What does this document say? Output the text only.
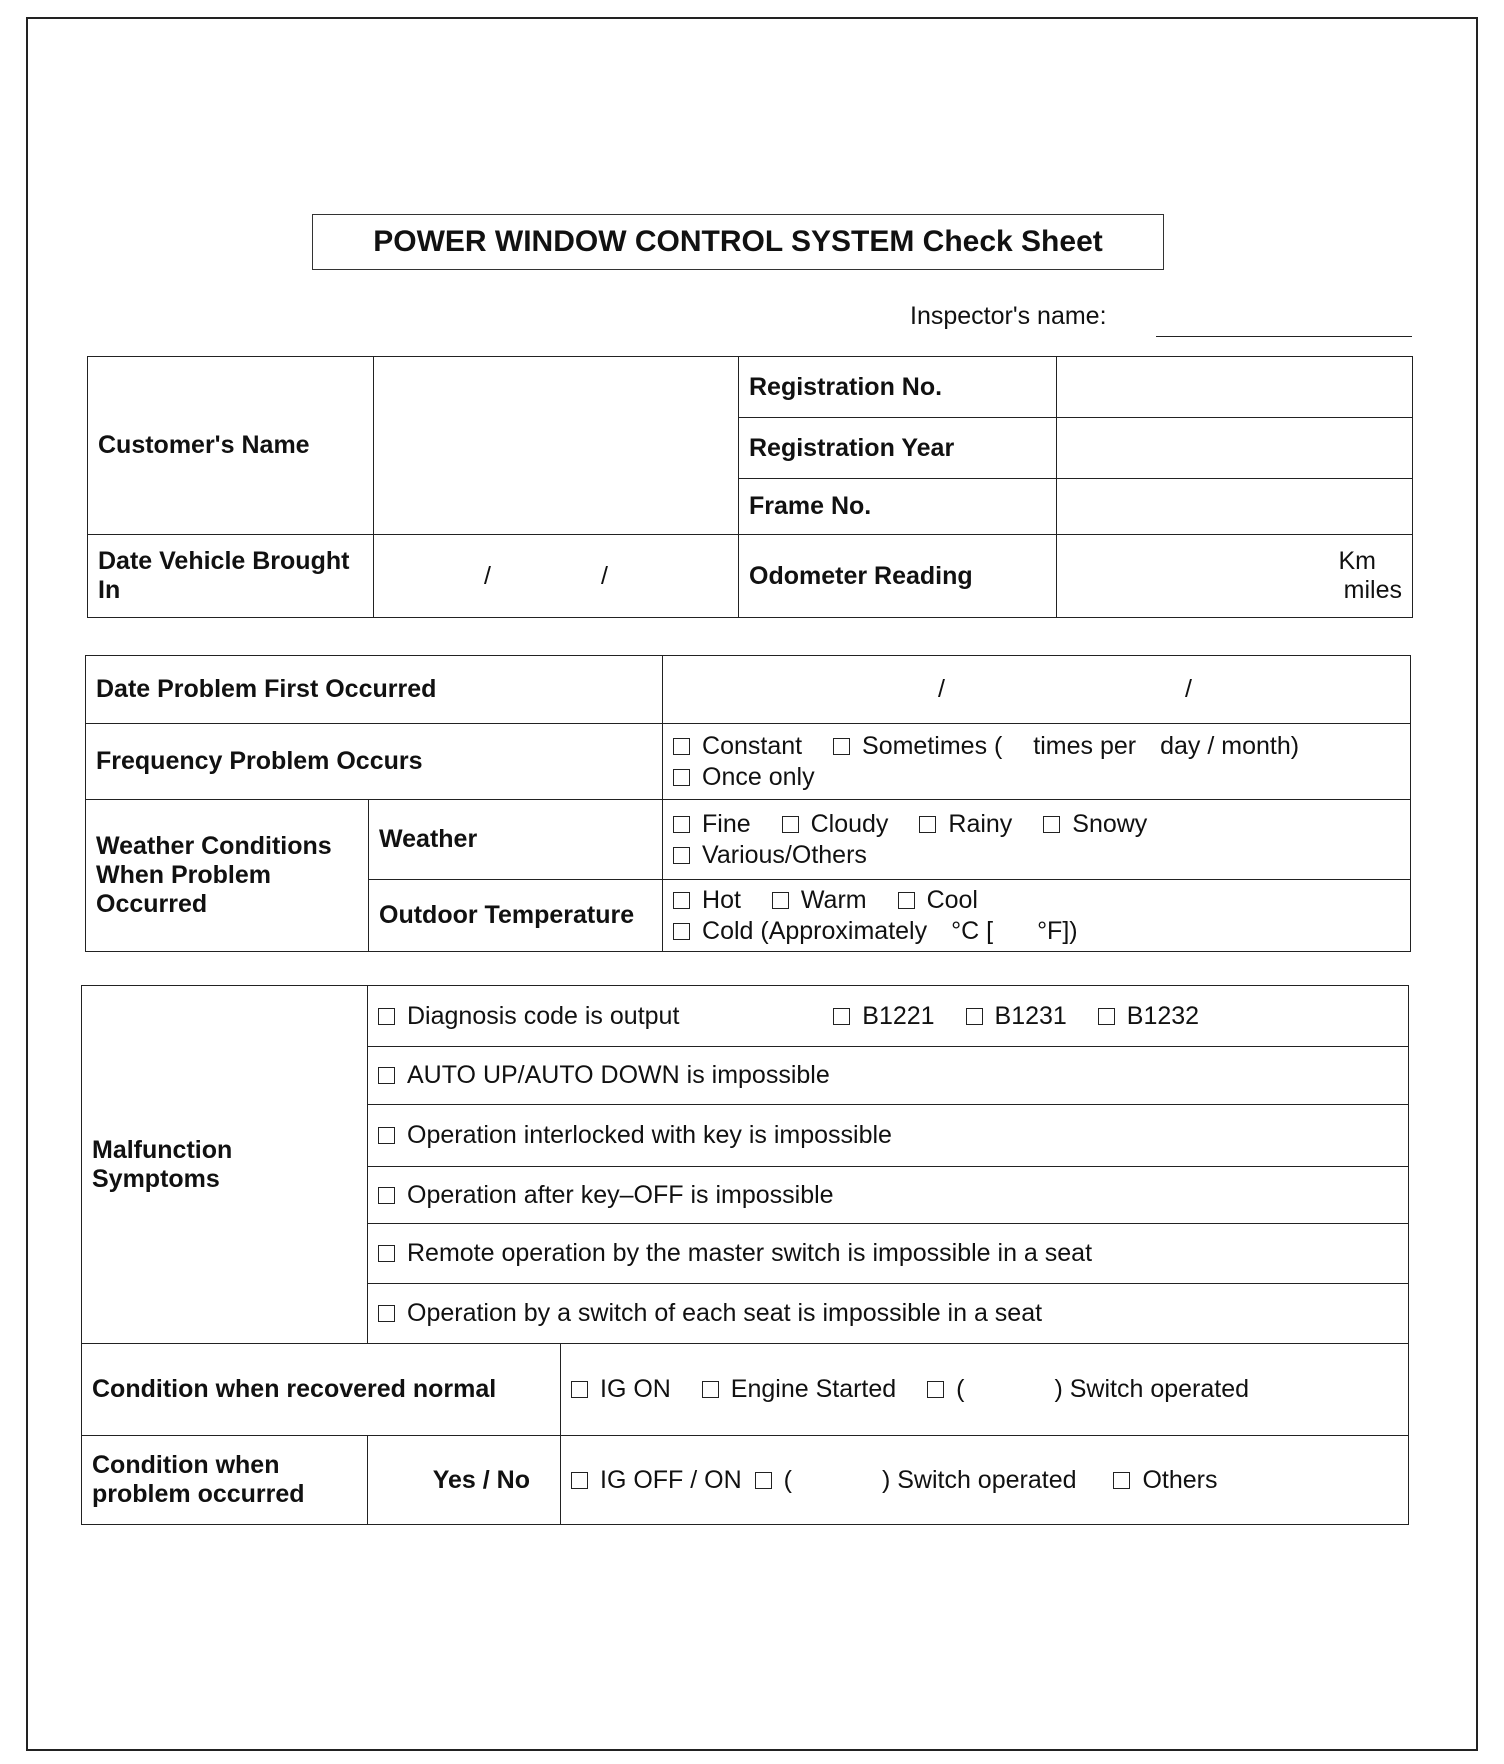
POWER WINDOW CONTROL SYSTEM Check Sheet
Inspector's name:
Customer's Name		Registration No.	
		Registration Year	
		Frame No.	
Date Vehicle Brought In	/ /	Odometer Reading	Km
miles
Date Problem First Occurred		/ /
Frequency Problem Occurs		Constant Sometimes ( times per day / month)
Once only

Weather Conditions When Problem Occurred	Weather	Fine Cloudy Rainy Snowy
Various/Others

	Outdoor Temperature	Hot Warm Cool
Cold (Approximately °C [ °F])
Malfunction Symptoms	Diagnosis code is output B1221 B1231 B1232	
	AUTO UP/AUTO DOWN is impossible	
	Operation interlocked with key is impossible	
	Operation after key–OFF is impossible	
	Remote operation by the master switch is impossible in a seat	
	Operation by a switch of each seat is impossible in a seat	
Condition when recovered normal		IG ON Engine Started ( ) Switch operated
Condition when problem occurred	Yes / No	IG OFF / ON ( ) Switch operated Others
